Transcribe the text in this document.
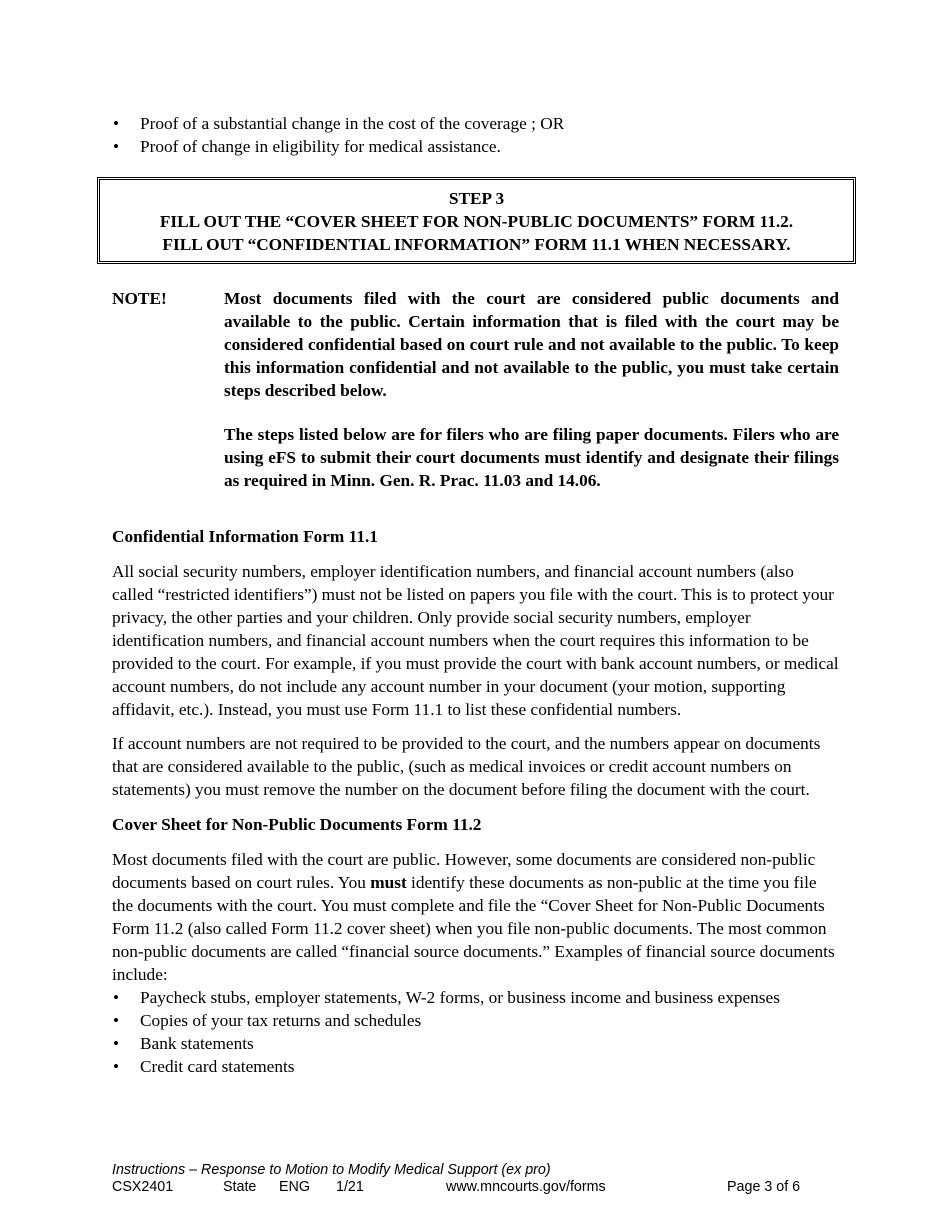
• Proof of a substantial change in the cost of the coverage ; OR
• Proof of change in eligibility for medical assistance.
STEP 3
FILL OUT THE “COVER SHEET FOR NON-PUBLIC DOCUMENTS” FORM 11.2.
FILL OUT “CONFIDENTIAL INFORMATION” FORM 11.1 WHEN NECESSARY.
NOTE!	Most documents filed with the court are considered public documents and available to the public. Certain information that is filed with the court may be considered confidential based on court rule and not available to the public. To keep this information confidential and not available to the public, you must take certain steps described below.

The steps listed below are for filers who are filing paper documents. Filers who are using eFS to submit their court documents must identify and designate their filings as required in Minn. Gen. R. Prac. 11.03 and 14.06.

Confidential Information Form 11.1

All social security numbers, employer identification numbers, and financial account numbers (also called “restricted identifiers”) must not be listed on papers you file with the court. This is to protect your privacy, the other parties and your children. Only provide social security numbers, employer identification numbers, and financial account numbers when the court requires this information to be provided to the court. For example, if you must provide the court with bank account numbers, or medical account numbers, do not include any account number in your document (your motion, supporting affidavit, etc.). Instead, you must use Form 11.1 to list these confidential numbers.

If account numbers are not required to be provided to the court, and the numbers appear on documents that are considered available to the public, (such as medical invoices or credit account numbers on statements) you must remove the number on the document before filing the document with the court.

Cover Sheet for Non-Public Documents Form 11.2

Most documents filed with the court are public. However, some documents are considered non-public documents based on court rules. You must identify these documents as non-public at the time you file the documents with the court. You must complete and file the “Cover Sheet for Non-Public Documents Form 11.2 (also called Form 11.2 cover sheet) when you file non-public documents. The most common non-public documents are called “financial source documents.” Examples of financial source documents include:

• Paycheck stubs, employer statements, W-2 forms, or business income and business expenses
• Copies of your tax returns and schedules
• Bank statements
• Credit card statements
Instructions – Response to Motion to Modify Medical Support (ex pro)
CSX2401	State ENG 1/21	www.mncourts.gov/forms	Page 3 of 6
